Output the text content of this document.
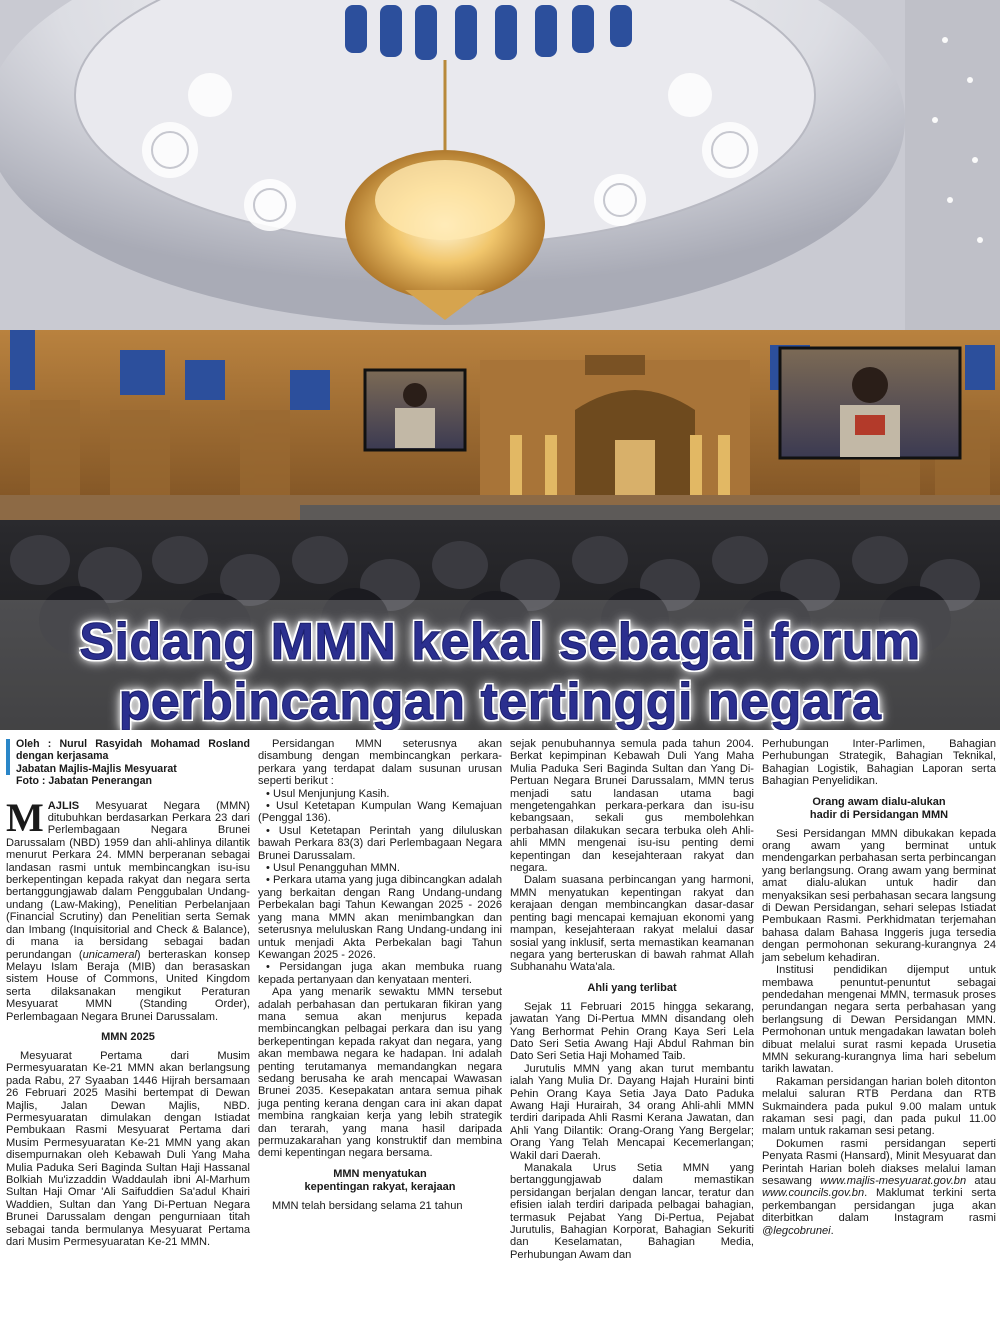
Sidang MMN kekal sebagai forum
perbincangan tertinggi negara
Oleh : Nurul Rasyidah Mohamad Rosland dengan kerjasama
Jabatan Majlis-Majlis Mesyuarat
Foto : Jabatan Penerangan

MAJLIS Mesyuarat Negara (MMN) ditubuhkan berdasarkan Perkara 23 dari Perlembagaan Negara Brunei Darussalam (NBD) 1959 dan ahli-ahlinya dilantik menurut Perkara 24. MMN berperanan sebagai landasan rasmi untuk membincangkan isu-isu berkepentingan kepada rakyat dan negara serta bertanggungjawab dalam Penggubalan Undang-undang (Law-Making), Penelitian Perbelanjaan (Financial Scrutiny) dan Penelitian serta Semak dan Imbang (Inquisitorial and Check & Balance), di mana ia bersidang sebagai badan perundangan (unicameral) berteraskan konsep Melayu Islam Beraja (MIB) dan berasaskan sistem House of Commons, United Kingdom serta dilaksanakan mengikut Peraturan Mesyuarat MMN (Standing Order), Perlembagaan Negara Brunei Darussalam.

MMN 2025

Mesyuarat Pertama dari Musim Permesyuaratan Ke-21 MMN akan berlangsung pada Rabu, 27 Syaaban 1446 Hijrah bersamaan 26 Februari 2025 Masihi bertempat di Dewan Majlis, Jalan Dewan Majlis, NBD. Permesyuaratan dimulakan dengan Istiadat Pembukaan Rasmi Mesyuarat Pertama dari Musim Permesyuaratan Ke-21 MMN yang akan disempurnakan oleh Kebawah Duli Yang Maha Mulia Paduka Seri Baginda Sultan Haji Hassanal Bolkiah Mu'izzaddin Waddaulah ibni Al-Marhum Sultan Haji Omar 'Ali Saifuddien Sa'adul Khairi Waddien, Sultan dan Yang Di-Pertuan Negara Brunei Darussalam dengan pengurniaan titah sebagai tanda bermulanya Mesyuarat Pertama dari Musim Permesyuaratan Ke-21 MMN.

Persidangan MMN seterusnya akan disambung dengan membincangkan perkara-perkara yang terdapat dalam susunan urusan seperti berikut :

• Usul Menjunjung Kasih.

• Usul Ketetapan Kumpulan Wang Kemajuan (Penggal 136).

• Usul Ketetapan Perintah yang diluluskan bawah Perkara 83(3) dari Perlembagaan Negara Brunei Darussalam.

• Usul Penangguhan MMN.

• Perkara utama yang juga dibincangkan adalah yang berkaitan dengan Rang Undang-undang Perbekalan bagi Tahun Kewangan 2025 - 2026 yang mana MMN akan menimbangkan dan seterusnya meluluskan Rang Undang-undang ini untuk menjadi Akta Perbekalan bagi Tahun Kewangan 2025 - 2026.

• Persidangan juga akan membuka ruang kepada pertanyaan dan kenyataan menteri.

Apa yang menarik sewaktu MMN tersebut adalah perbahasan dan pertukaran fikiran yang mana semua akan menjurus kepada membincangkan pelbagai perkara dan isu yang berkepentingan kepada rakyat dan negara, yang akan membawa negara ke hadapan. Ini adalah penting terutamanya memandangkan negara sedang berusaha ke arah mencapai Wawasan Brunei 2035. Kesepakatan antara semua pihak juga penting kerana dengan cara ini akan dapat membina rangkaian kerja yang lebih strategik dan terarah, yang mana hasil daripada permuzakarahan yang konstruktif dan membina demi kepentingan negara bersama.

MMN menyatukan
kepentingan rakyat, kerajaan

MMN telah bersidang selama 21 tahun

sejak penubuhannya semula pada tahun 2004. Berkat kepimpinan Kebawah Duli Yang Maha Mulia Paduka Seri Baginda Sultan dan Yang Di-Pertuan Negara Brunei Darussalam, MMN terus menjadi satu landasan utama bagi mengetengahkan perkara-perkara dan isu-isu kebangsaan, sekali gus membolehkan perbahasan dilakukan secara terbuka oleh Ahli-ahli MMN mengenai isu-isu penting demi kepentingan dan kesejahteraan rakyat dan negara.

Dalam suasana perbincangan yang harmoni, MMN menyatukan kepentingan rakyat dan kerajaan dengan membincangkan dasar-dasar penting bagi mencapai kemajuan ekonomi yang mampan, kesejahteraan rakyat melalui dasar sosial yang inklusif, serta memastikan keamanan negara yang berteruskan di bawah rahmat Allah Subhanahu Wata'ala.

Ahli yang terlibat

Sejak 11 Februari 2015 hingga sekarang, jawatan Yang Di-Pertua MMN disandang oleh Yang Berhormat Pehin Orang Kaya Seri Lela Dato Seri Setia Awang Haji Abdul Rahman bin Dato Seri Setia Haji Mohamed Taib.

Jurutulis MMN yang akan turut membantu ialah Yang Mulia Dr. Dayang Hajah Huraini binti Pehin Orang Kaya Setia Jaya Dato Paduka Awang Haji Hurairah, 34 orang Ahli-ahli MMN terdiri daripada Ahli Rasmi Kerana Jawatan, dan Ahli Yang Dilantik: Orang-Orang Yang Bergelar; Orang Yang Telah Mencapai Kecemerlangan; Wakil dari Daerah.

Manakala Urus Setia MMN yang bertanggungjawab dalam memastikan persidangan berjalan dengan lancar, teratur dan efisien ialah terdiri daripada pelbagai bahagian, termasuk Pejabat Yang Di-Pertua, Pejabat Jurutulis, Bahagian Korporat, Bahagian Sekuriti dan Keselamatan, Bahagian Media, Perhubungan Awam dan

Perhubungan Inter-Parlimen, Bahagian Perhubungan Strategik, Bahagian Teknikal, Bahagian Logistik, Bahagian Laporan serta Bahagian Penyelidikan.

Orang awam dialu-alukan
hadir di Persidangan MMN

Sesi Persidangan MMN dibukakan kepada orang awam yang berminat untuk mendengarkan perbahasan serta perbincangan yang berlangsung. Orang awam yang berminat amat dialu-alukan untuk hadir dan menyaksikan sesi perbahasan secara langsung di Dewan Persidangan, sehari selepas Istiadat Pembukaan Rasmi. Perkhidmatan terjemahan bahasa dalam Bahasa Inggeris juga tersedia dengan permohonan sekurang-kurangnya 24 jam sebelum kehadiran.

Institusi pendidikan dijemput untuk membawa penuntut-penuntut sebagai pendedahan mengenai MMN, termasuk proses perundangan negara serta perbahasan yang berlangsung di Dewan Persidangan MMN. Permohonan untuk mengadakan lawatan boleh dibuat melalui surat rasmi kepada Urusetia MMN sekurang-kurangnya lima hari sebelum tarikh lawatan.

Rakaman persidangan harian boleh ditonton melalui saluran RTB Perdana dan RTB Sukmaindera pada pukul 9.00 malam untuk rakaman sesi pagi, dan pada pukul 11.00 malam untuk rakaman sesi petang.

Dokumen rasmi persidangan seperti Penyata Rasmi (Hansard), Minit Mesyuarat dan Perintah Harian boleh diakses melalui laman sesawang www.majlis-mesyuarat.gov.bn atau www.councils.gov.bn. Maklumat terkini serta perkembangan persidangan juga akan diterbitkan dalam Instagram rasmi @legcobrunei.
